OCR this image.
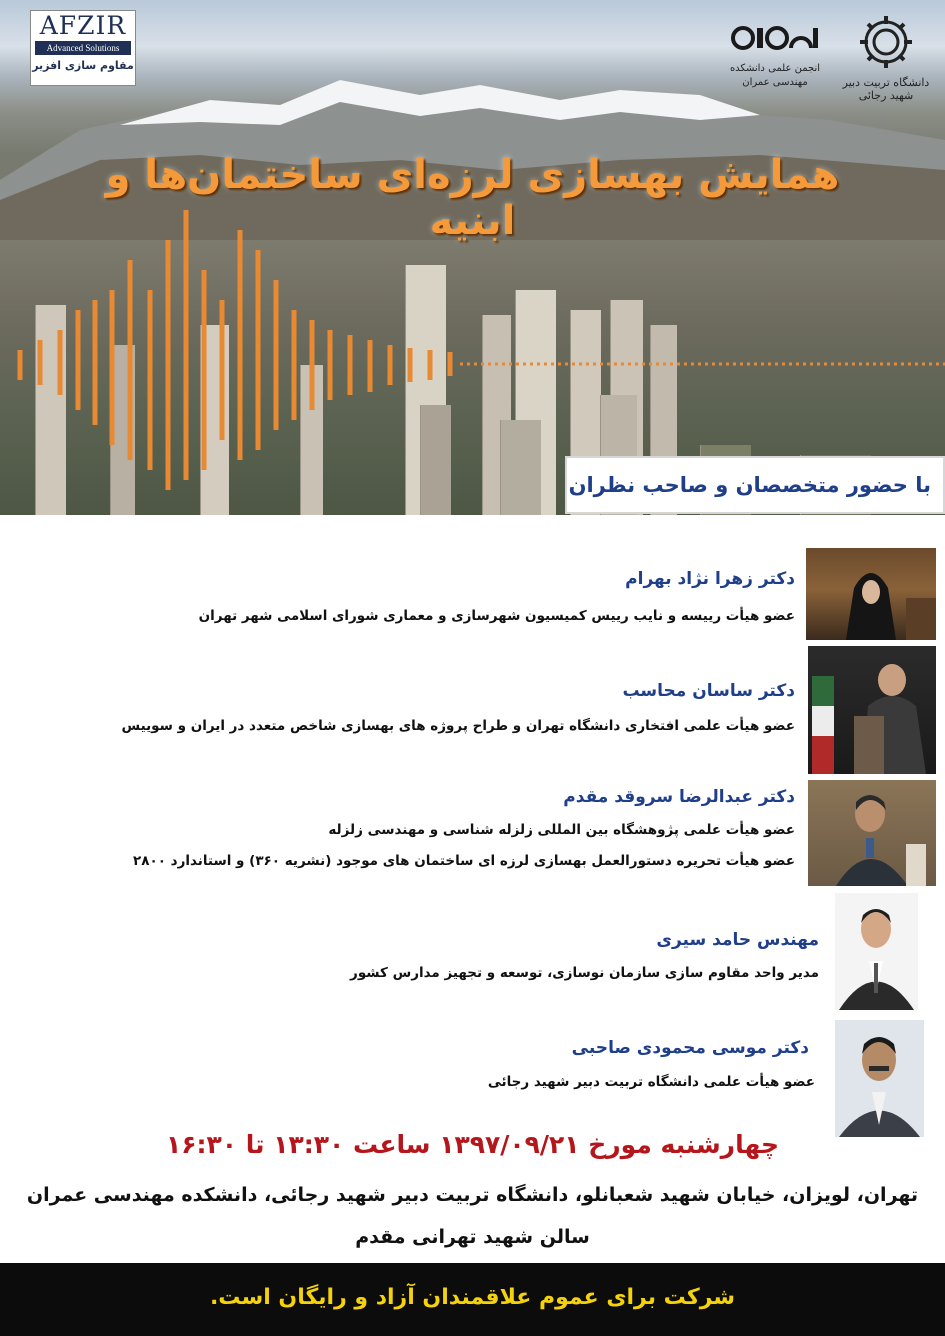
AFZIR
Advanced Solutions
مقاوم سازی افزیر	انجمن علمی دانشکده
مهندسی عمران	دانشگاه تربیت دبیر شهید رجائی
همایش بهسازی لرزه‌ای ساختمان‌ها و ابنیه
با حضور متخصصان و صاحب نظران

دکتر زهرا نژاد بهرام

عضو هیأت رییسه و نایب رییس کمیسیون شهرسازی و معماری شورای اسلامی شهر تهران

دکتر ساسان محاسب

عضو هیأت علمی افتخاری دانشگاه تهران و طراح پروژه های بهسازی شاخص متعدد در ایران و سوییس

دکتر عبدالرضا سروقد مقدم

عضو هیأت علمی پژوهشگاه بین المللی زلزله شناسی و مهندسی زلزله

عضو هیأت تحریره دستورالعمل بهسازی لرزه ای ساختمان های موجود (نشریه ۳۶۰) و استاندارد ۲۸۰۰

مهندس حامد سیری

مدیر واحد مقاوم سازی سازمان نوسازی، توسعه و تجهیز مدارس کشور

دکتر موسی محمودی صاحبی

عضو هیأت علمی دانشگاه تربیت دبیر شهید رجائی

چهارشنبه مورخ ۱۳۹۷/۰۹/۲۱ ساعت ۱۳:۳۰ تا ۱۶:۳۰

تهران، لویزان، خیابان شهید شعبانلو، دانشگاه تربیت دبیر شهید رجائی، دانشکده مهندسی عمران

سالن شهید تهرانی مقدم

شرکت برای عموم علاقمندان آزاد و رایگان است.
